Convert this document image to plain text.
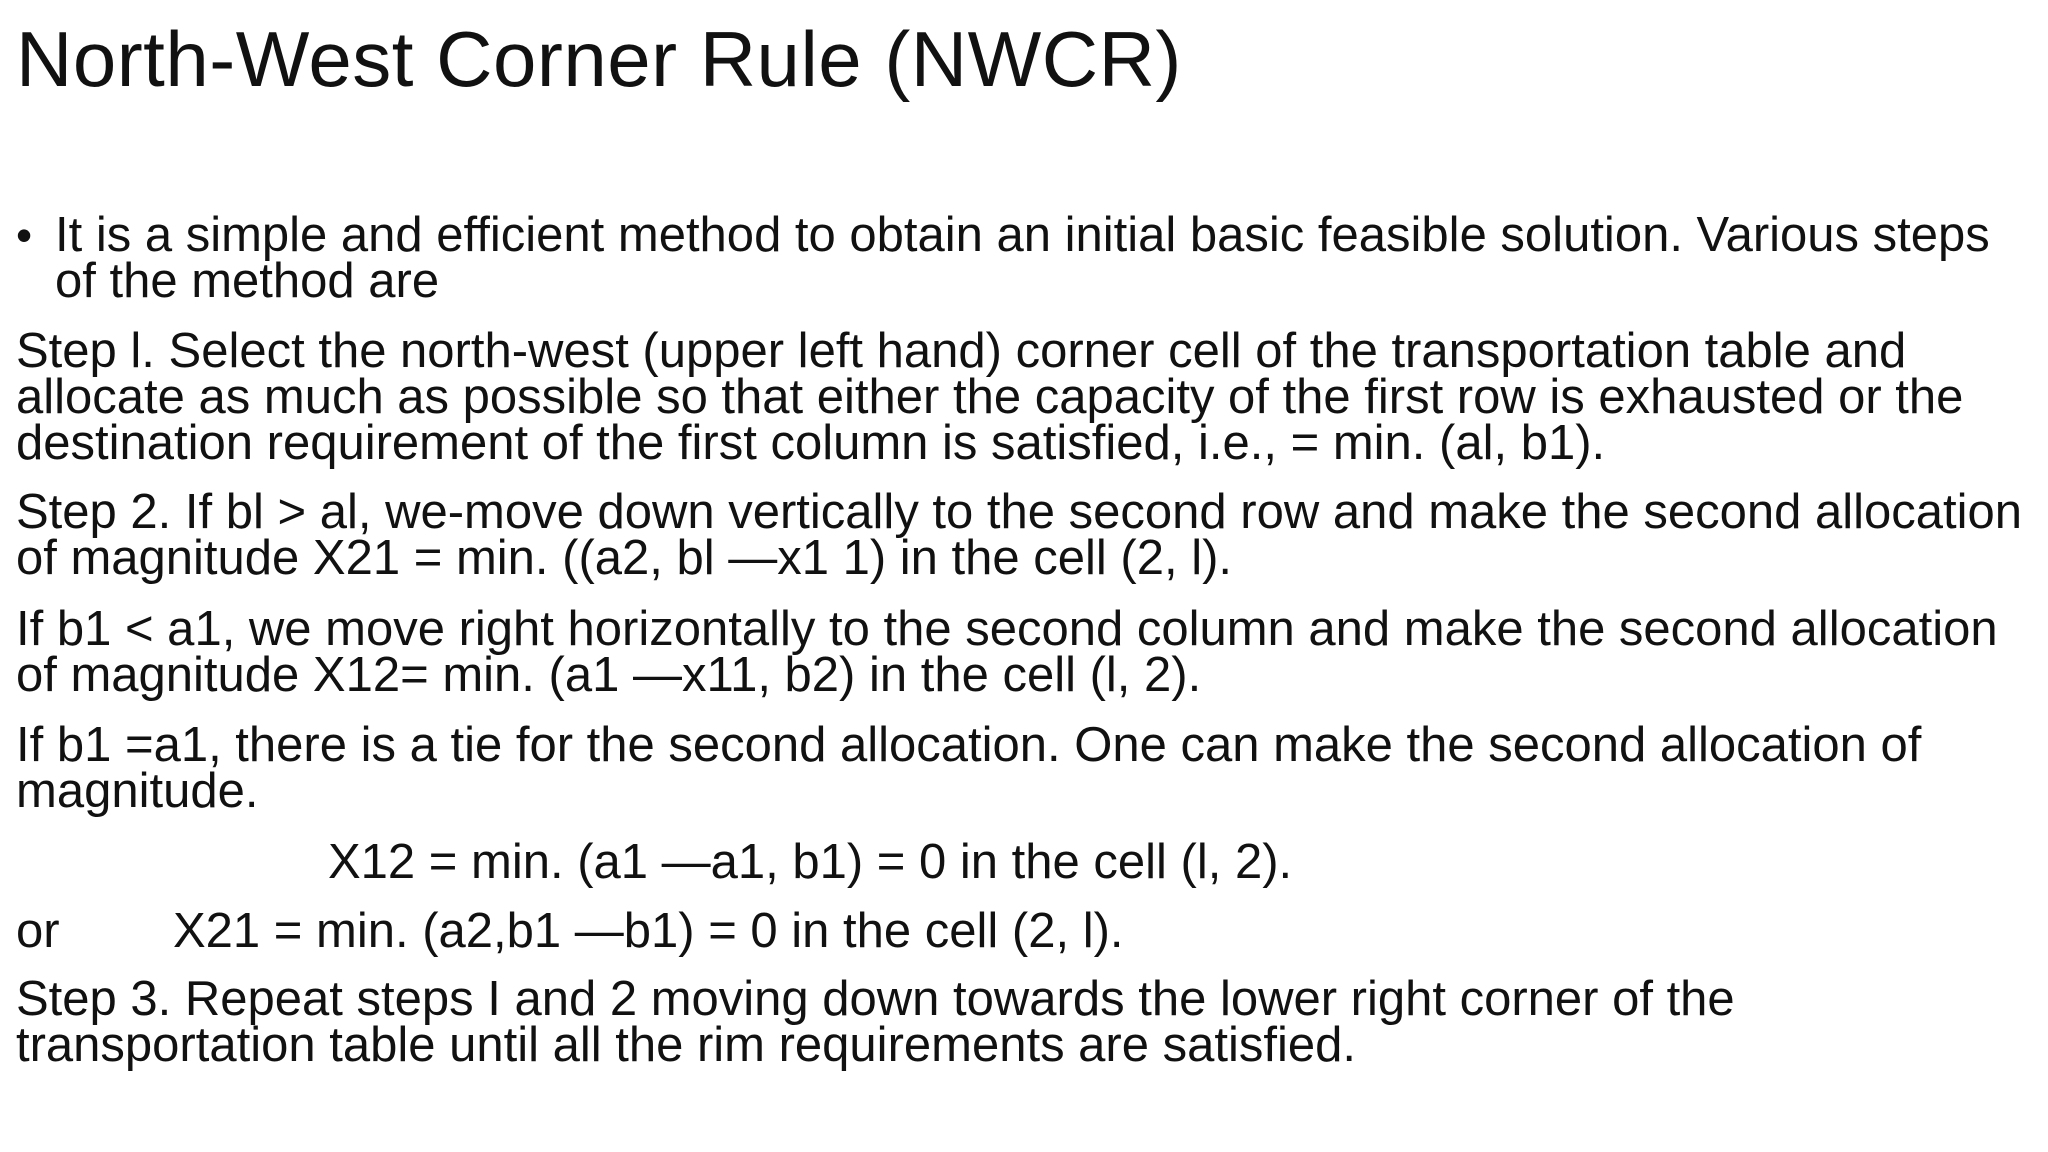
North-West Corner Rule (NWCR)
• It is a simple and efficient method to obtain an initial basic feasible solution. Various steps of the method are

Step l. Select the north-west (upper left hand) corner cell of the transportation table and allocate as much as possible so that either the capacity of the first row is exhausted or the destination requirement of the first column is satisfied, i.e., = min. (al, b1).

Step 2. If bl > al, we-move down vertically to the second row and make the second allocation of magnitude X21 = min. ((a2, bl —x1 1) in the cell (2, l).

If b1 < a1, we move right horizontally to the second column and make the second allocation of magnitude X12= min. (a1 —x11, b2) in the cell (l, 2).

If b1 =a1, there is a tie for the second allocation. One can make the second allocation of magnitude.

X12 = min. (a1 —a1, b1) = 0 in the cell (l, 2).

or X21 = min. (a2,b1 —b1) = 0 in the cell (2, l).

Step 3. Repeat steps I and 2 moving down towards the lower right corner of the transportation table until all the rim requirements are satisfied.
